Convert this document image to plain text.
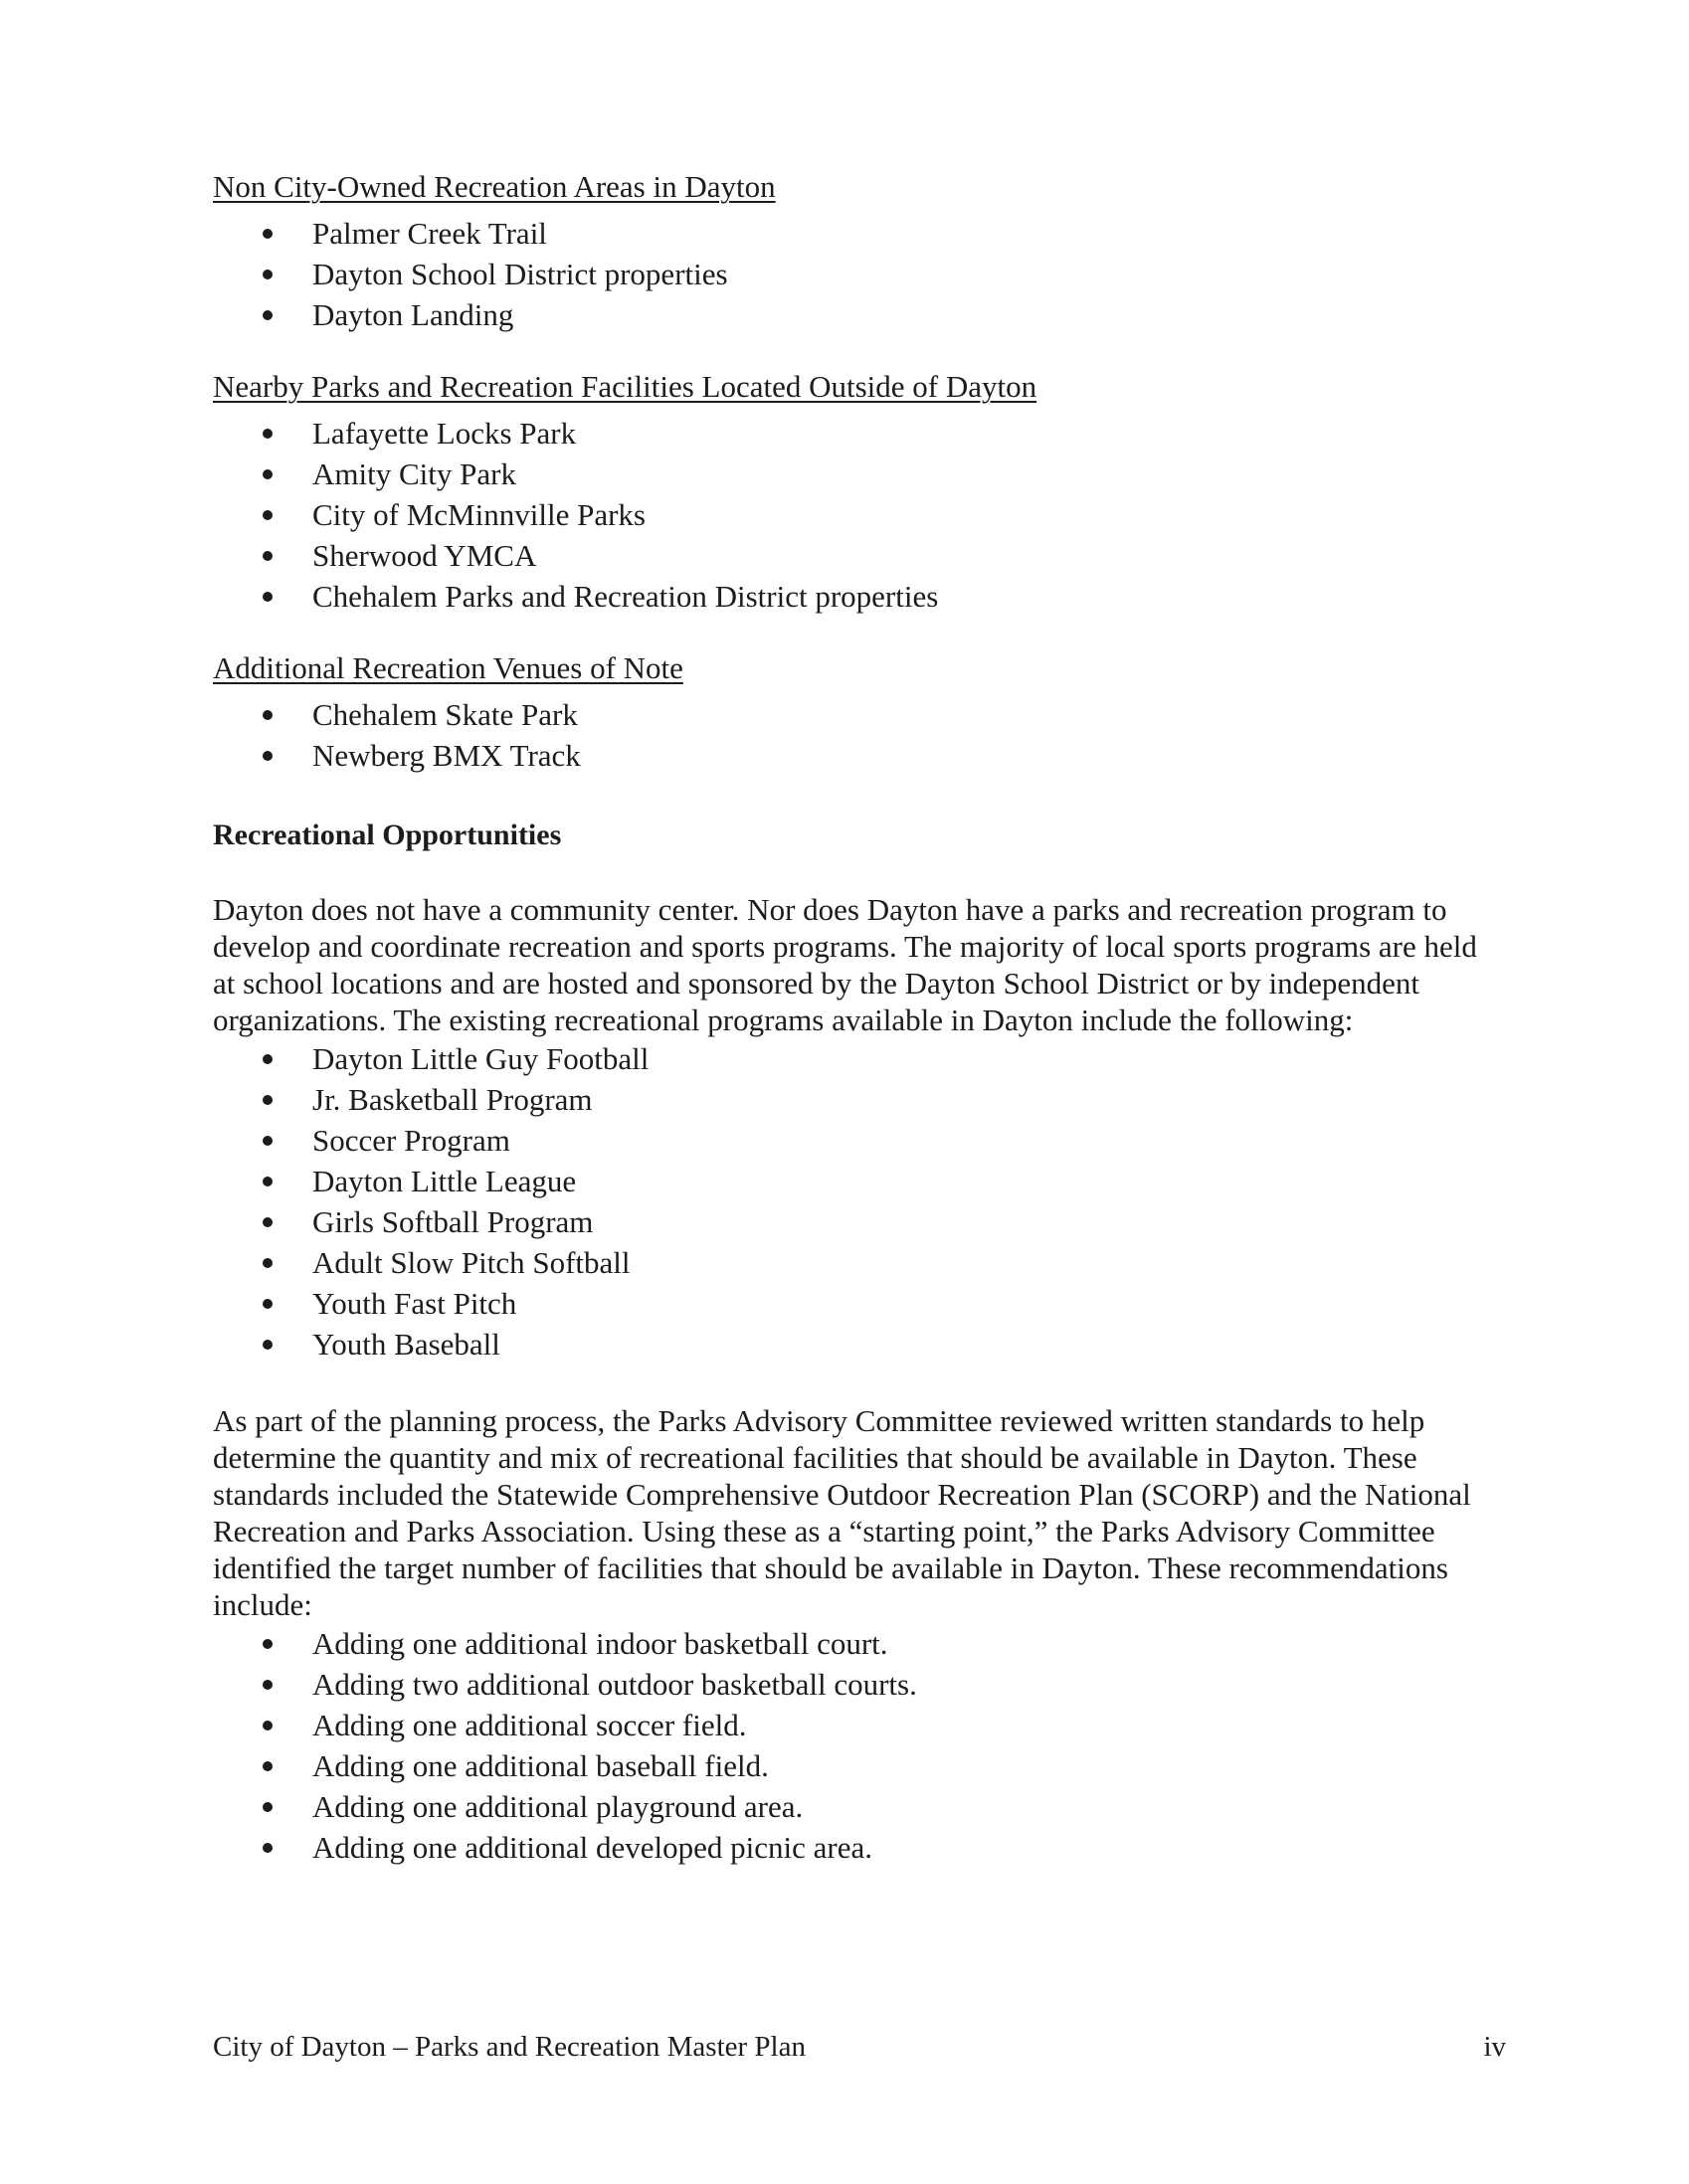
Non City-Owned Recreation Areas in Dayton

Palmer Creek Trail
Dayton School District properties
Dayton Landing

Nearby Parks and Recreation Facilities Located Outside of Dayton

Lafayette Locks Park
Amity City Park
City of McMinnville Parks
Sherwood YMCA
Chehalem Parks and Recreation District properties

Additional Recreation Venues of Note

Chehalem Skate Park
Newberg BMX Track

Recreational Opportunities

Dayton does not have a community center. Nor does Dayton have a parks and recreation program to develop and coordinate recreation and sports programs. The majority of local sports programs are held at school locations and are hosted and sponsored by the Dayton School District or by independent organizations. The existing recreational programs available in Dayton include the following:

Dayton Little Guy Football
Jr. Basketball Program
Soccer Program
Dayton Little League
Girls Softball Program
Adult Slow Pitch Softball
Youth Fast Pitch
Youth Baseball

As part of the planning process, the Parks Advisory Committee reviewed written standards to help determine the quantity and mix of recreational facilities that should be available in Dayton. These standards included the Statewide Comprehensive Outdoor Recreation Plan (SCORP) and the National Recreation and Parks Association. Using these as a “starting point,” the Parks Advisory Committee identified the target number of facilities that should be available in Dayton. These recommendations include:

Adding one additional indoor basketball court.
Adding two additional outdoor basketball courts.
Adding one additional soccer field.
Adding one additional baseball field.
Adding one additional playground area.
Adding one additional developed picnic area.
City of Dayton – Parks and Recreation Master Plan	iv
